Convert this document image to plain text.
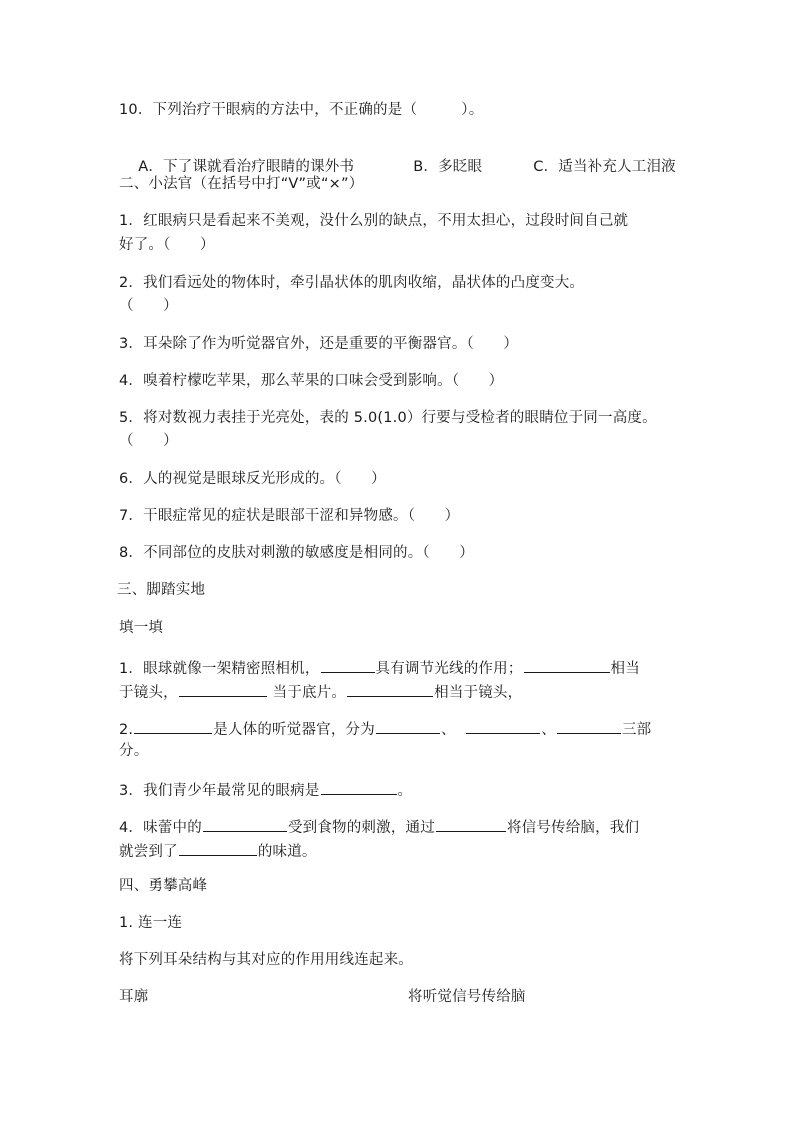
10．下列治疗干眼病的方法中，不正确的是（　　　）。

A．下了课就看治疗眼睛的课外书	B．多眨眼	C．适当补充人工泪液

二、小法官（在括号中打“V”或“×”）
1．红眼病只是看起来不美观，没什么别的缺点，不用太担心，过段时间自己就
好了。（　　）
2．我们看远处的物体时，牵引晶状体的肌肉收缩，晶状体的凸度变大。
（　　）
3．耳朵除了作为听觉器官外，还是重要的平衡器官。（　　）
4．嗅着柠檬吃苹果，那么苹果的口味会受到影响。（　　）
5．将对数视力表挂于光亮处，表的 5.0(1.0）行要与受检者的眼睛位于同一高度。
（　　）
6．人的视觉是眼球反光形成的。（　　）
7．干眼症常见的症状是眼部干涩和异物感。（　　）
8．不同部位的皮肤对刺激的敏感度是相同的。（　　）
三、脚踏实地
填一填
1．眼球就像一架精密照相机，	具有调节光线的作用；	相当
于镜头，	当于底片。	相当于镜头，
2.	是人体的听觉器官，分为	、	、	三部
分。
3．我们青少年最常见的眼病是	。
4．味蕾中的	受到食物的刺激，通过	将信号传给脑，我们
就尝到了	的味道。
四、勇攀高峰
1. 连一连
将下列耳朵结构与其对应的作用用线连起来。
耳廓	将听觉信号传给脑
